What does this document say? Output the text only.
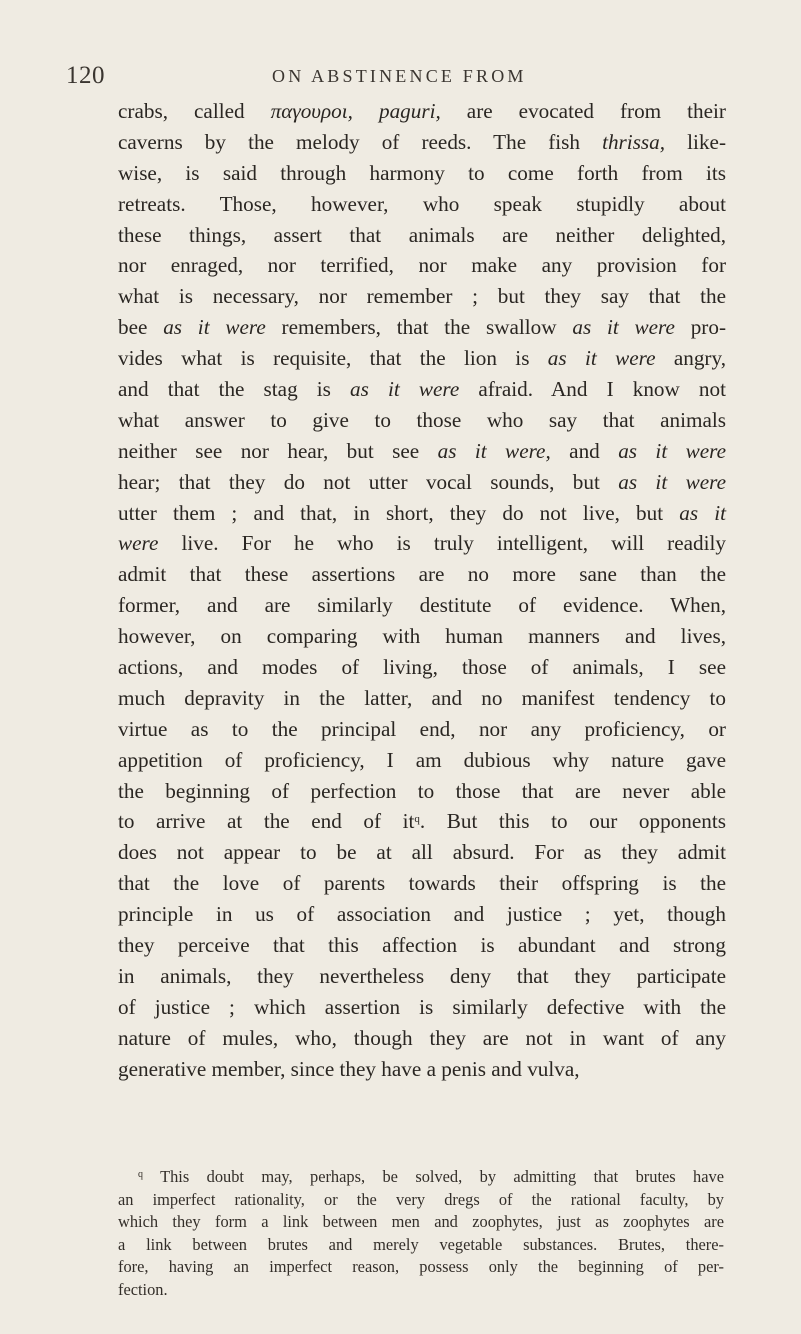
120	ON ABSTINENCE FROM
crabs, called παγουροι, paguri, are evocated from their
caverns by the melody of reeds. The fish thrissa, like-
wise, is said through harmony to come forth from its
retreats. Those, however, who speak stupidly about
these things, assert that animals are neither delighted,
nor enraged, nor terrified, nor make any provision for
what is necessary, nor remember ; but they say that the
bee as it were remembers, that the swallow as it were pro-
vides what is requisite, that the lion is as it were angry,
and that the stag is as it were afraid. And I know not
what answer to give to those who say that animals
neither see nor hear, but see as it were, and as it were
hear; that they do not utter vocal sounds, but as it were
utter them ; and that, in short, they do not live, but as it
were live. For he who is truly intelligent, will readily
admit that these assertions are no more sane than the
former, and are similarly destitute of evidence. When,
however, on comparing with human manners and lives,
actions, and modes of living, those of animals, I see
much depravity in the latter, and no manifest tendency to
virtue as to the principal end, nor any proficiency, or
appetition of proficiency, I am dubious why nature gave
the beginning of perfection to those that are never able
to arrive at the end of $it^q$. But this to our opponents
does not appear to be at all absurd. For as they admit
that the love of parents towards their offspring is the
principle in us of association and justice ; yet, though
they perceive that this affection is abundant and strong
in animals, they nevertheless deny that they participate
of justice ; which assertion is similarly defective with the
nature of mules, who, though they are not in want of any
generative member, since they have a penis and vulva,
$^q$ This doubt may, perhaps, be solved, by admitting that brutes have
an imperfect rationality, or the very dregs of the rational faculty, by
which they form a link between men and zoophytes, just as zoophytes are
a link between brutes and merely vegetable substances. Brutes, there-
fore, having an imperfect reason, possess only the beginning of per-
fection.
